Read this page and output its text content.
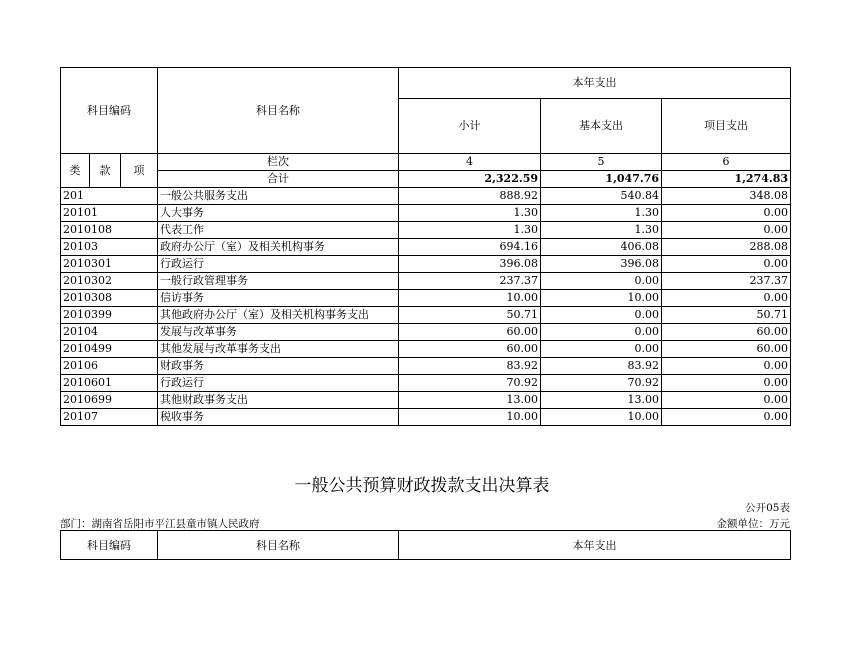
科目编码			科目名称	本年支出		
				小计	基本支出	项目支出
类	款	项	栏次	4	5	6
			合计	2,322.59	1,047.76	1,274.83
201			一般公共服务支出	888.92	540.84	348.08
20101			人大事务	1.30	1.30	0.00
2010108			代表工作	1.30	1.30	0.00
20103			政府办公厅（室）及相关机构事务	694.16	406.08	288.08
2010301			行政运行	396.08	396.08	0.00
2010302			一般行政管理事务	237.37	0.00	237.37
2010308			信访事务	10.00	10.00	0.00
2010399			其他政府办公厅（室）及相关机构事务支出	50.71	0.00	50.71
20104			发展与改革事务	60.00	0.00	60.00
2010499			其他发展与改革事务支出	60.00	0.00	60.00
20106			财政事务	83.92	83.92	0.00
2010601			行政运行	70.92	70.92	0.00
2010699			其他财政事务支出	13.00	13.00	0.00
20107			税收事务	10.00	10.00	0.00
一般公共预算财政拨款支出决算表
公开05表
部门：湖南省岳阳市平江县童市镇人民政府	金额单位：万元
科目编码	科目名称	本年支出
